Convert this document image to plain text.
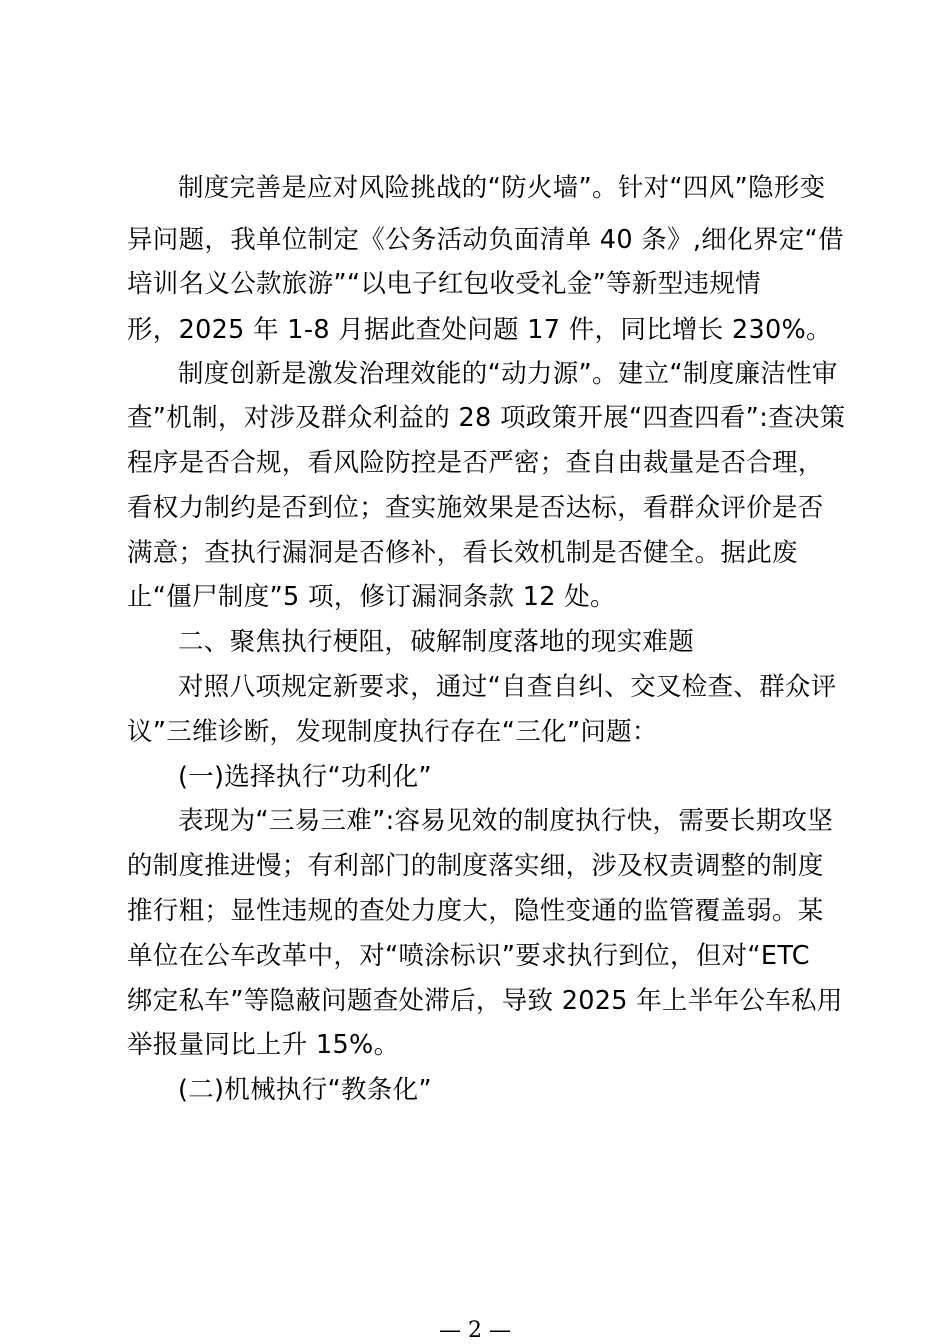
制度完善是应对风险挑战的“防火墙”。针对“四风”隐形变

异问题，我单位制定《公务活动负面清单 40 条》,细化界定“借

培训名义公款旅游”“以电子红包收受礼金”等新型违规情

形，2025 年 1-8 月据此查处问题 17 件，同比增长 230%。

制度创新是激发治理效能的“动力源”。建立“制度廉洁性审

查”机制，对涉及群众利益的 28 项政策开展“四查四看”:查决策

程序是否合规，看风险防控是否严密；查自由裁量是否合理，

看权力制约是否到位；查实施效果是否达标，看群众评价是否

满意；查执行漏洞是否修补，看长效机制是否健全。据此废

止“僵尸制度”5 项，修订漏洞条款 12 处。

二、聚焦执行梗阻，破解制度落地的现实难题

对照八项规定新要求，通过“自查自纠、交叉检查、群众评

议”三维诊断，发现制度执行存在“三化”问题：

(一)选择执行“功利化”

表现为“三易三难”:容易见效的制度执行快，需要长期攻坚

的制度推进慢；有利部门的制度落实细，涉及权责调整的制度

推行粗；显性违规的查处力度大，隐性变通的监管覆盖弱。某

单位在公车改革中，对“喷涂标识”要求执行到位，但对“ETC

绑定私车”等隐蔽问题查处滞后，导致 2025 年上半年公车私用

举报量同比上升 15%。

(二)机械执行“教条化”

— 2 —
